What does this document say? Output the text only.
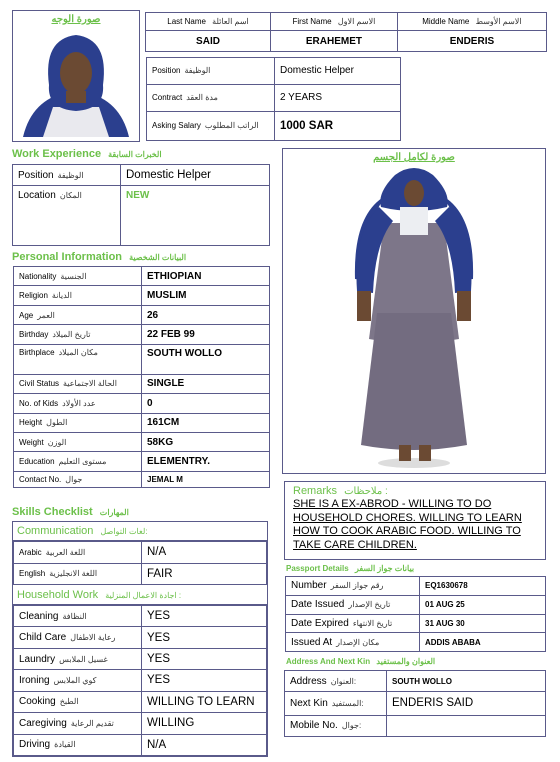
صورة الوجه	Last Name اسم العائلة	First Name الاسم الاول	Middle Name الاسم الأوسط
SAID	ERAHEMET	ENDERIS
Position الوظيفة	Domestic Helper
Contract مدة العقد	2 YEARS
Asking Salary الراتب المطلوب	1000 SAR
Work Experience الخبرات السابقة
Position الوظيفة	Domestic Helper
Location المكان	NEW
صورة لكامل الجسم
Personal Information البيانات الشخصية
Nationality الجنسية	ETHIOPIAN
Religion الديانة	MUSLIM
Age العمر	26
Birthday تاريخ الميلاد	22 FEB 99
Birthplace مكان الميلاد	SOUTH WOLLO
Civil Status الحالة الاجتماعية	SINGLE
No. of Kids عدد الأولاد	0
Height الطول	161CM
Weight الوزن	58KG
Education مستوى التعليم	ELEMENTRY.
Contact No. جوال	JEMAL M
Remarks ملاحظات :
SHE IS A EX-ABROD - WILLING TO DO HOUSEHOLD CHORES. WILLING TO LEARN HOW TO COOK ARABIC FOOD. WILLING TO TAKE CARE CHILDREN.
Skills Checklist المهارات
Communication لغات التواصل:
Arabic اللغة العربية	N/A
English اللغة الانجليزية	FAIR
Household Work اجادة الاعمال المنزلية :
Cleaning النظافة	YES
Child Care رعاية الاطفال	YES
Laundry غسيل الملابس	YES
Ironing كوي الملابس	YES
Cooking الطبخ	WILLING TO LEARN
Caregiving تقديم الرعاية	WILLING
Driving القيادة	N/A
Passport Details بيانات جواز السفر
Number رقم جواز السفر	EQ1630678
Date Issued تاريخ الإصدار	01 AUG 25
Date Expired تاريخ الانتهاء	31 AUG 30
Issued At مكان الإصدار	ADDIS ABABA
Address And Next Kin العنوان والمستفيد
Address العنوان:	SOUTH WOLLO
Next Kin المستفيد:	ENDERIS SAID
Mobile No. جوال:	
